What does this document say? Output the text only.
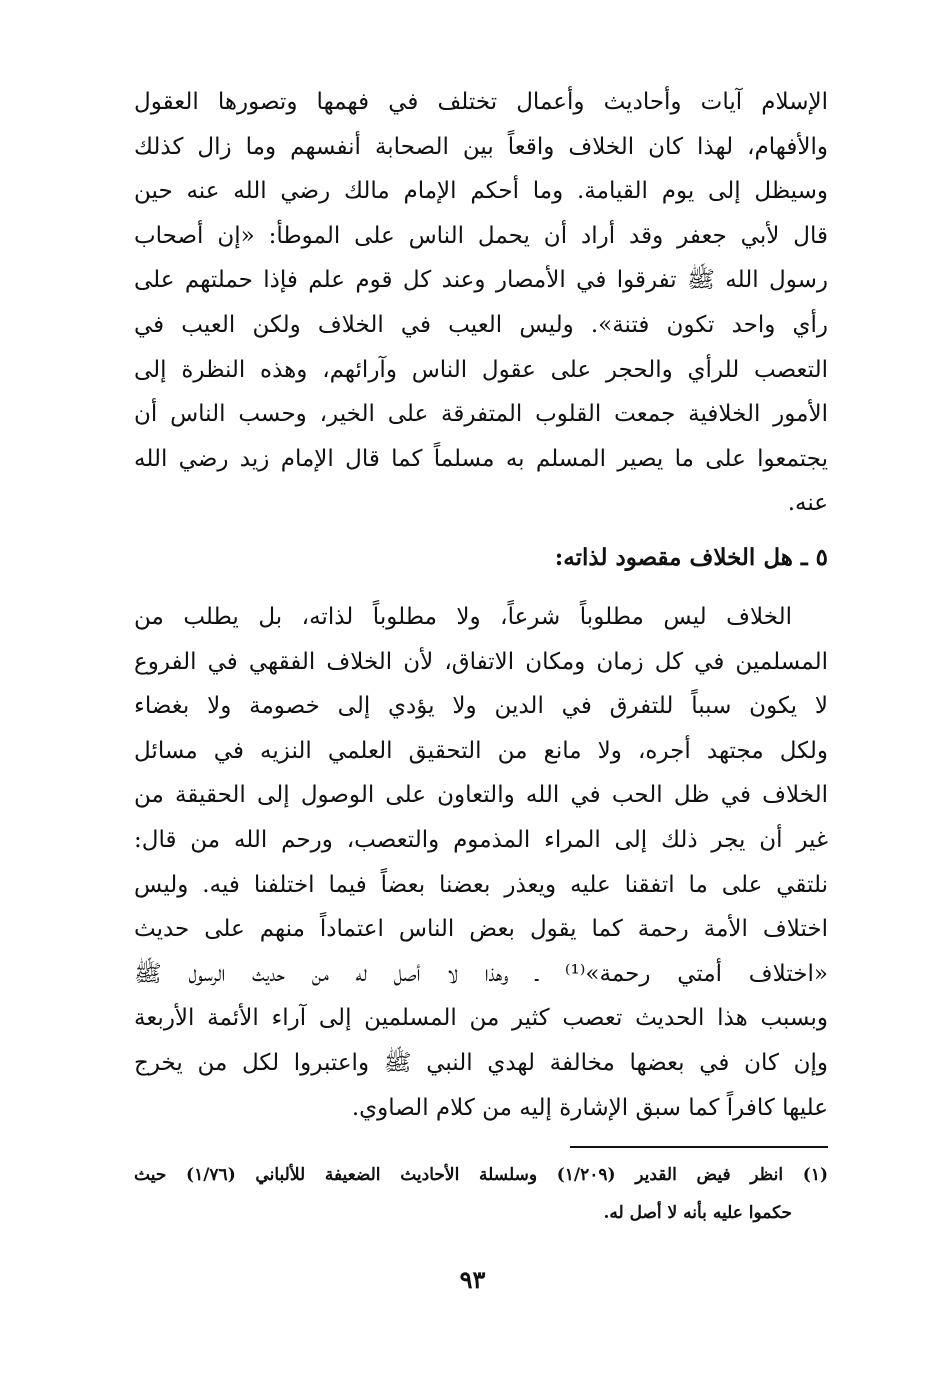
الإسلام آيات وأحاديث وأعمال تختلف في فهمها وتصورها العقول
والأفهام، لهذا كان الخلاف واقعاً بين الصحابة أنفسهم وما زال كذلك
وسيظل إلى يوم القيامة. وما أحكم الإمام مالك رضي الله عنه حين
قال لأبي جعفر وقد أراد أن يحمل الناس على الموطأ: «إن أصحاب
رسول الله ﷺ تفرقوا في الأمصار وعند كل قوم علم فإذا حملتهم على
رأي واحد تكون فتنة». وليس العيب في الخلاف ولكن العيب في
التعصب للرأي والحجر على عقول الناس وآرائهم، وهذه النظرة إلى
الأمور الخلافية جمعت القلوب المتفرقة على الخير، وحسب الناس أن
يجتمعوا على ما يصير المسلم به مسلماً كما قال الإمام زيد رضي الله
عنه.
٥ ـ هل الخلاف مقصود لذاته:
الخلاف ليس مطلوباً شرعاً، ولا مطلوباً لذاته، بل يطلب من
المسلمين في كل زمان ومكان الاتفاق، لأن الخلاف الفقهي في الفروع
لا يكون سبباً للتفرق في الدين ولا يؤدي إلى خصومة ولا بغضاء
ولكل مجتهد أجره، ولا مانع من التحقيق العلمي النزيه في مسائل
الخلاف في ظل الحب في الله والتعاون على الوصول إلى الحقيقة من
غير أن يجر ذلك إلى المراء المذموم والتعصب، ورحم الله من قال:
نلتقي على ما اتفقنا عليه ويعذر بعضنا بعضاً فيما اختلفنا فيه. وليس
اختلاف الأمة رحمة كما يقول بعض الناس اعتماداً منهم على حديث
«اختلاف أمتي رحمة»⁽¹⁾ ـ وهذا لا أصل له من حديث الرسول ﷺ
وبسبب هذا الحديث تعصب كثير من المسلمين إلى آراء الأئمة الأربعة
وإن كان في بعضها مخالفة لهدي النبي ﷺ واعتبروا لكل من يخرج
عليها كافراً كما سبق الإشارة إليه من كلام الصاوي.
(١) انظر فيض القدير (١/٢٠٩) وسلسلة الأحاديث الضعيفة للألباني (١/٧٦) حيث
حكموا عليه بأنه لا أصل له.
٩٣
